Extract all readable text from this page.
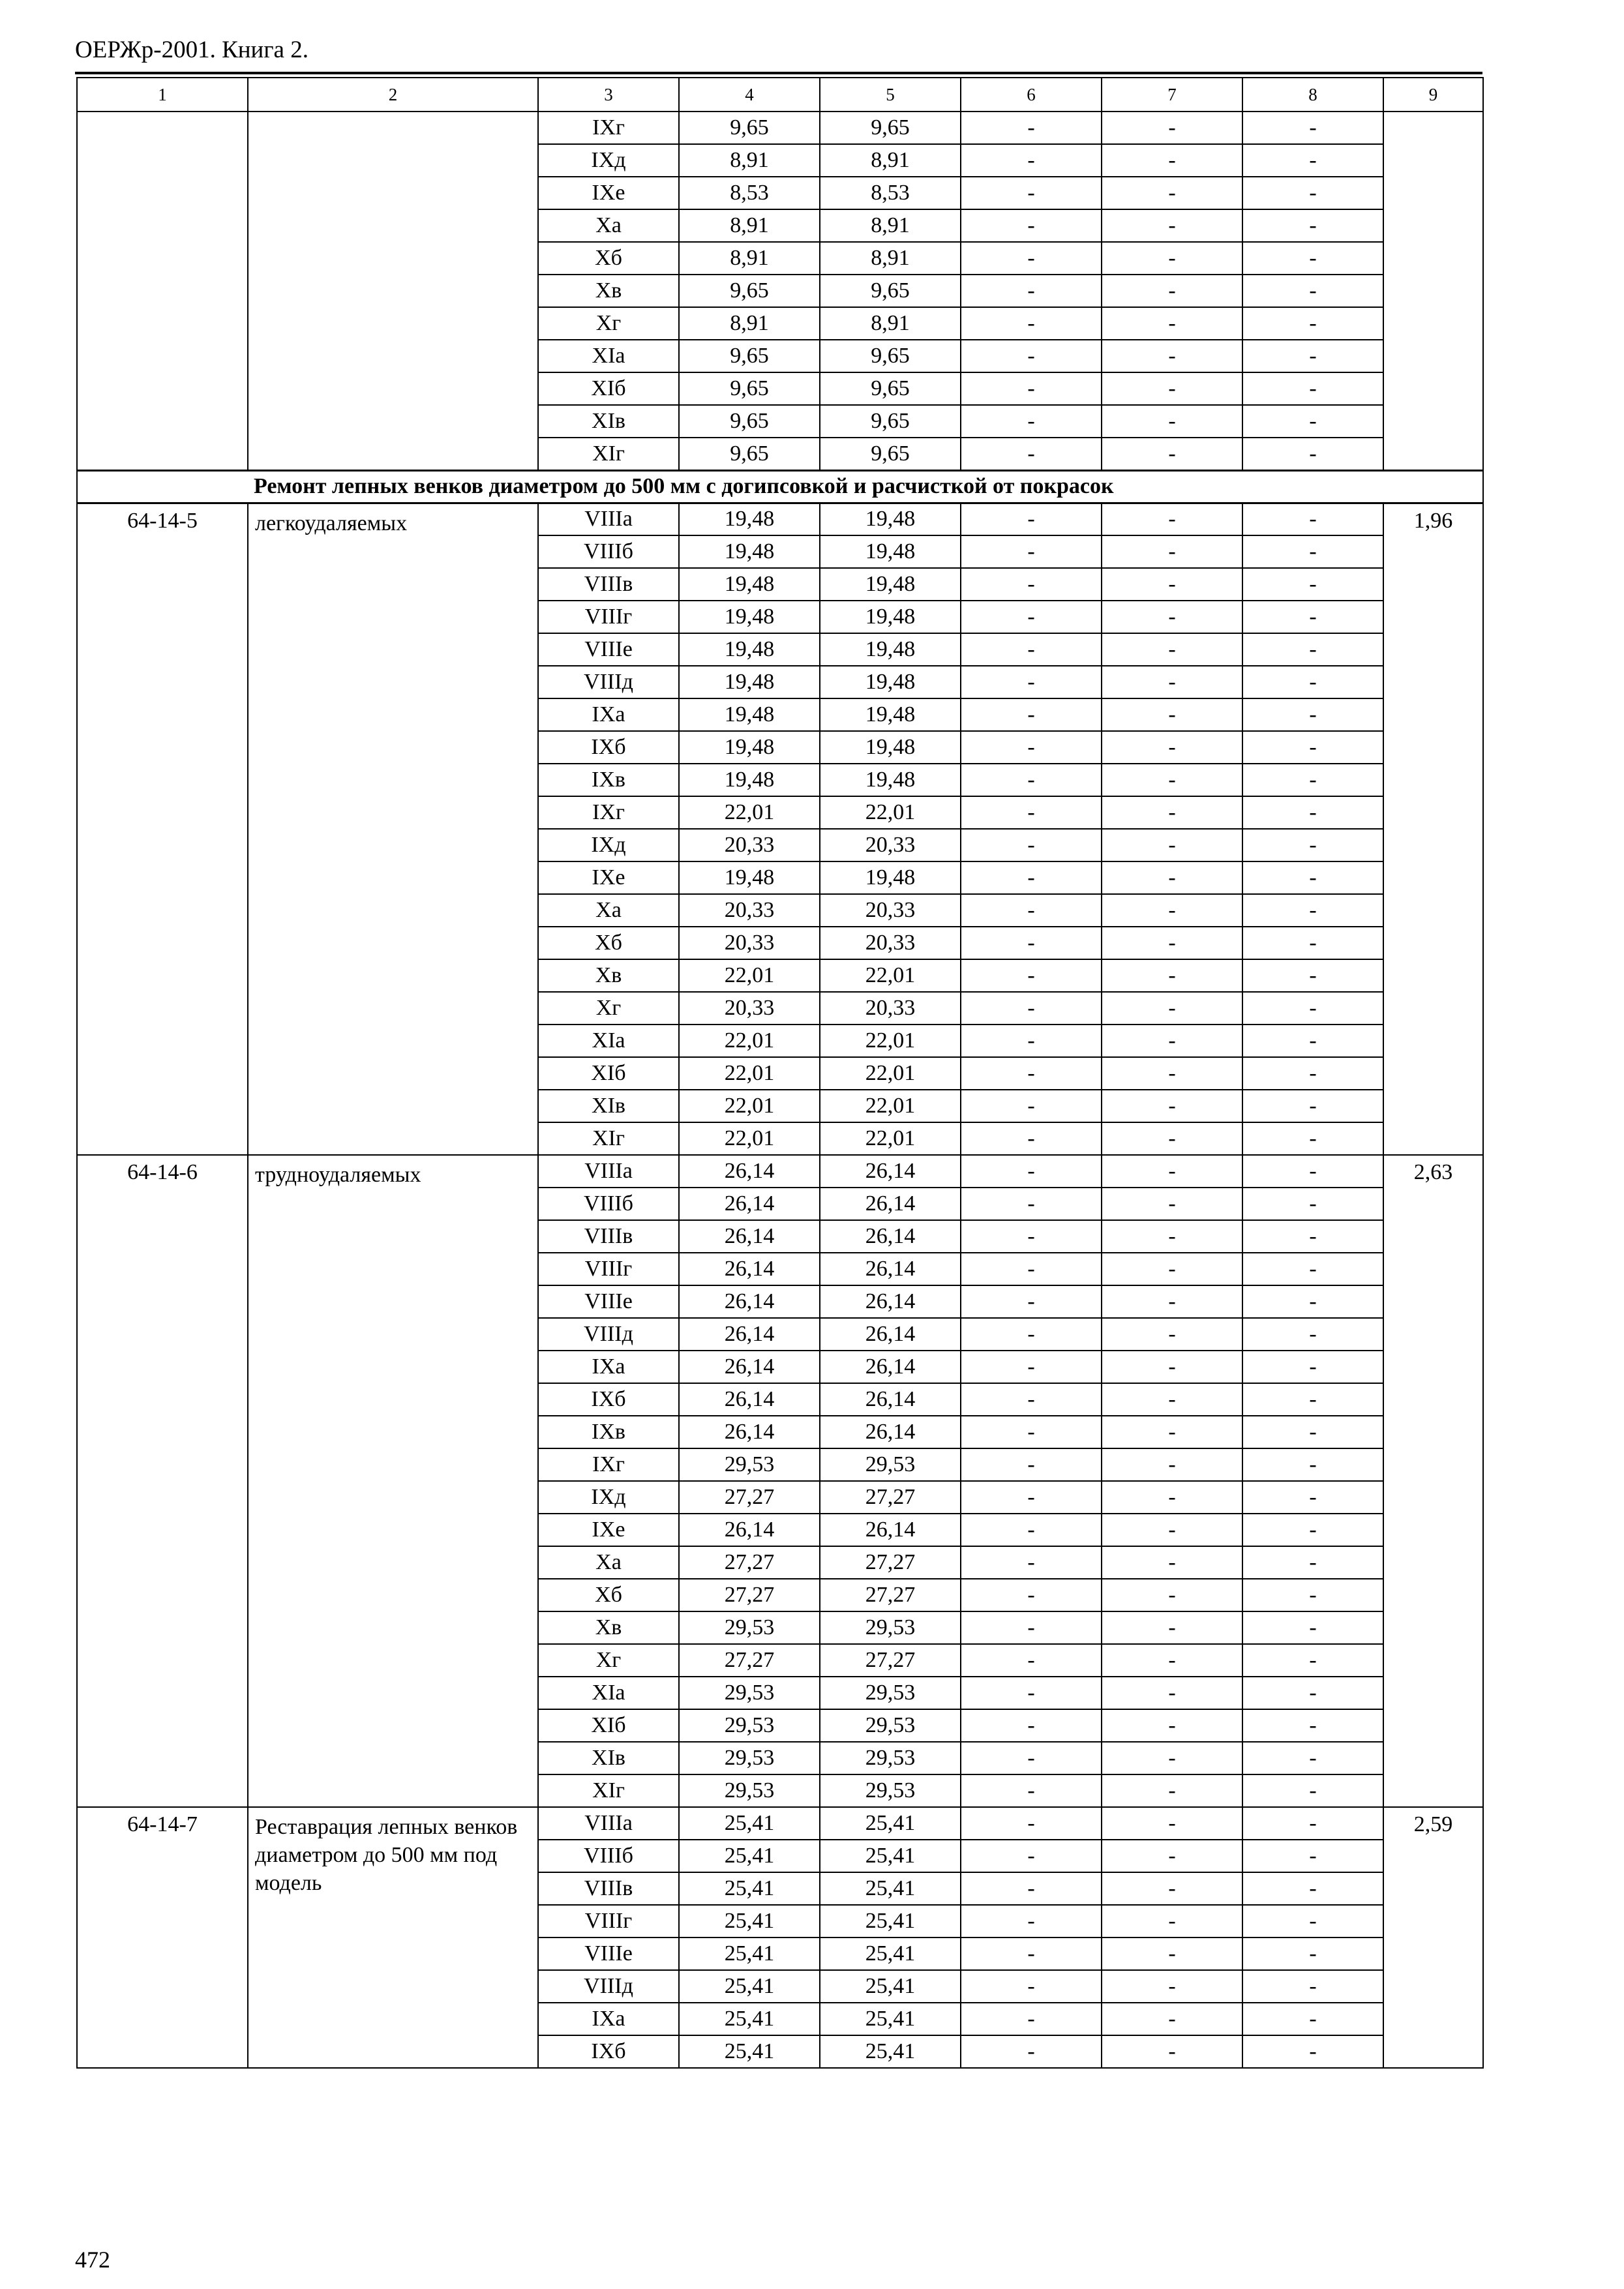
ОЕРЖр-2001. Книга 2.
1	2	3	4	5	6	7	8	9
		IXг	9,65	9,65	-	-	-	
		IXд	8,91	8,91	-	-	-	
		IXe	8,53	8,53	-	-	-	
		Xa	8,91	8,91	-	-	-	
		Xб	8,91	8,91	-	-	-	
		Xв	9,65	9,65	-	-	-	
		Xг	8,91	8,91	-	-	-	
		XIa	9,65	9,65	-	-	-	
		XIб	9,65	9,65	-	-	-	
		XIв	9,65	9,65	-	-	-	
		XIг	9,65	9,65	-	-	-	
Ремонт лепных венков диаметром до 500 мм с догипсовкой и расчисткой от покрасок								
64-14-5	легкоудаляемых	VIIIa	19,48	19,48	-	-	-	1,96
		VIIIб	19,48	19,48	-	-	-	
		VIIIв	19,48	19,48	-	-	-	
		VIIIг	19,48	19,48	-	-	-	
		VIIIe	19,48	19,48	-	-	-	
		VIIIд	19,48	19,48	-	-	-	
		IXa	19,48	19,48	-	-	-	
		IXб	19,48	19,48	-	-	-	
		IXв	19,48	19,48	-	-	-	
		IXг	22,01	22,01	-	-	-	
		IXд	20,33	20,33	-	-	-	
		IXe	19,48	19,48	-	-	-	
		Xa	20,33	20,33	-	-	-	
		Xб	20,33	20,33	-	-	-	
		Xв	22,01	22,01	-	-	-	
		Xг	20,33	20,33	-	-	-	
		XIa	22,01	22,01	-	-	-	
		XIб	22,01	22,01	-	-	-	
		XIв	22,01	22,01	-	-	-	
		XIг	22,01	22,01	-	-	-	
64-14-6	трудноудаляемых	VIIIa	26,14	26,14	-	-	-	2,63
		VIIIб	26,14	26,14	-	-	-	
		VIIIв	26,14	26,14	-	-	-	
		VIIIг	26,14	26,14	-	-	-	
		VIIIe	26,14	26,14	-	-	-	
		VIIIд	26,14	26,14	-	-	-	
		IXa	26,14	26,14	-	-	-	
		IXб	26,14	26,14	-	-	-	
		IXв	26,14	26,14	-	-	-	
		IXг	29,53	29,53	-	-	-	
		IXд	27,27	27,27	-	-	-	
		IXe	26,14	26,14	-	-	-	
		Xa	27,27	27,27	-	-	-	
		Xб	27,27	27,27	-	-	-	
		Xв	29,53	29,53	-	-	-	
		Xг	27,27	27,27	-	-	-	
		XIa	29,53	29,53	-	-	-	
		XIб	29,53	29,53	-	-	-	
		XIв	29,53	29,53	-	-	-	
		XIг	29,53	29,53	-	-	-	
64-14-7	Реставрация лепных венков диаметром до 500 мм под модель	VIIIa	25,41	25,41	-	-	-	2,59
		VIIIб	25,41	25,41	-	-	-	
		VIIIв	25,41	25,41	-	-	-	
		VIIIг	25,41	25,41	-	-	-	
		VIIIe	25,41	25,41	-	-	-	
		VIIIд	25,41	25,41	-	-	-	
		IXa	25,41	25,41	-	-	-	
		IXб	25,41	25,41	-	-	-	
472
